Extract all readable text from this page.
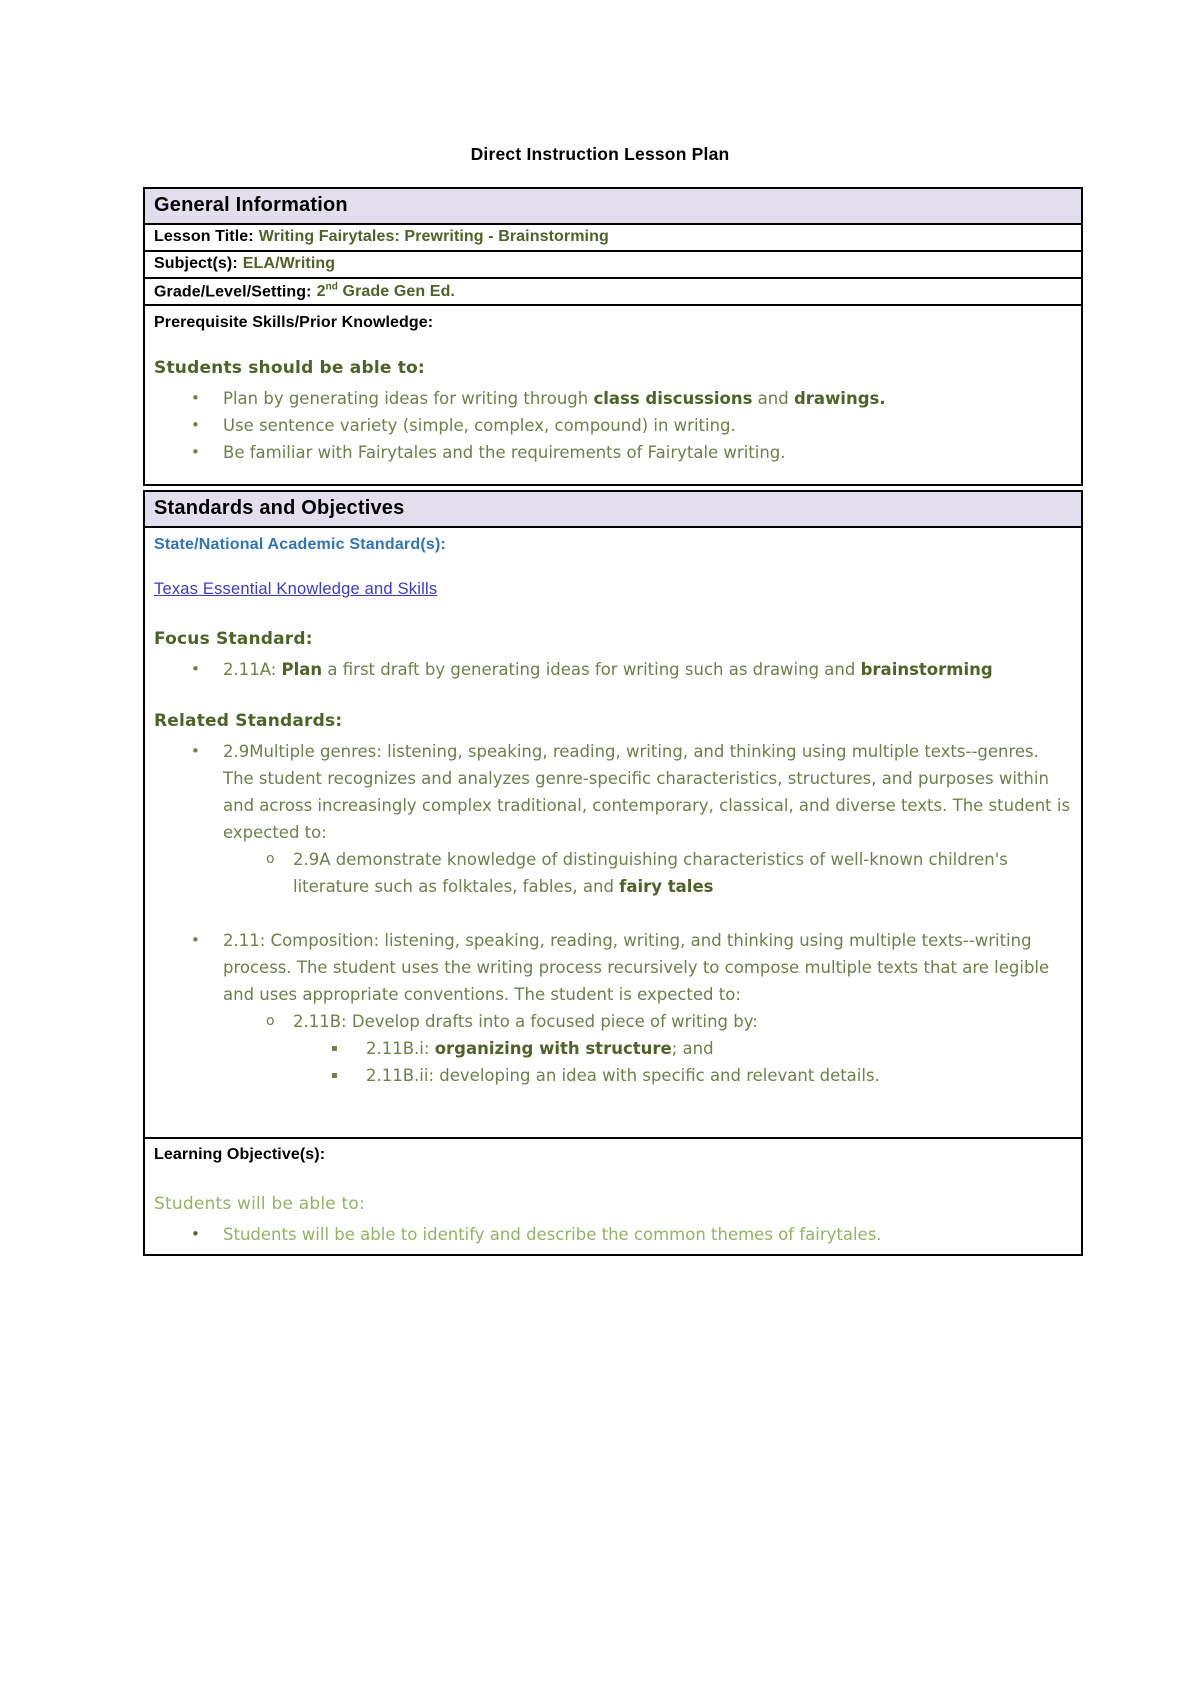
Direct Instruction Lesson Plan
General Information
Lesson Title: Writing Fairytales: Prewriting - Brainstorming
Subject(s): ELA/Writing
Grade/Level/Setting: 2nd Grade Gen Ed.
Prerequisite Skills/Prior Knowledge:
Students should be able to:
•	Plan by generating ideas for writing through class discussions and drawings.
•	Use sentence variety (simple, complex, compound) in writing.
•	Be familiar with Fairytales and the requirements of Fairytale writing.
Standards and Objectives
State/National Academic Standard(s):
Texas Essential Knowledge and Skills
Focus Standard:
•	2.11A: Plan a first draft by generating ideas for writing such as drawing and brainstorming
Related Standards:
•	2.9Multiple genres: listening, speaking, reading, writing, and thinking using multiple texts--genres. The student recognizes and analyzes genre-specific characteristics, structures, and purposes within and across increasingly complex traditional, contemporary, classical, and diverse texts. The student is expected to:
o	2.9A demonstrate knowledge of distinguishing characteristics of well-known children's literature such as folktales, fables, and fairy tales
•	2.11: Composition: listening, speaking, reading, writing, and thinking using multiple texts--writing process. The student uses the writing process recursively to compose multiple texts that are legible and uses appropriate conventions. The student is expected to:
o	2.11B: Develop drafts into a focused piece of writing by:
▪	2.11B.i: organizing with structure; and
▪	2.11B.ii: developing an idea with specific and relevant details.
Learning Objective(s):
Students will be able to:
•	Students will be able to identify and describe the common themes of fairytales.
